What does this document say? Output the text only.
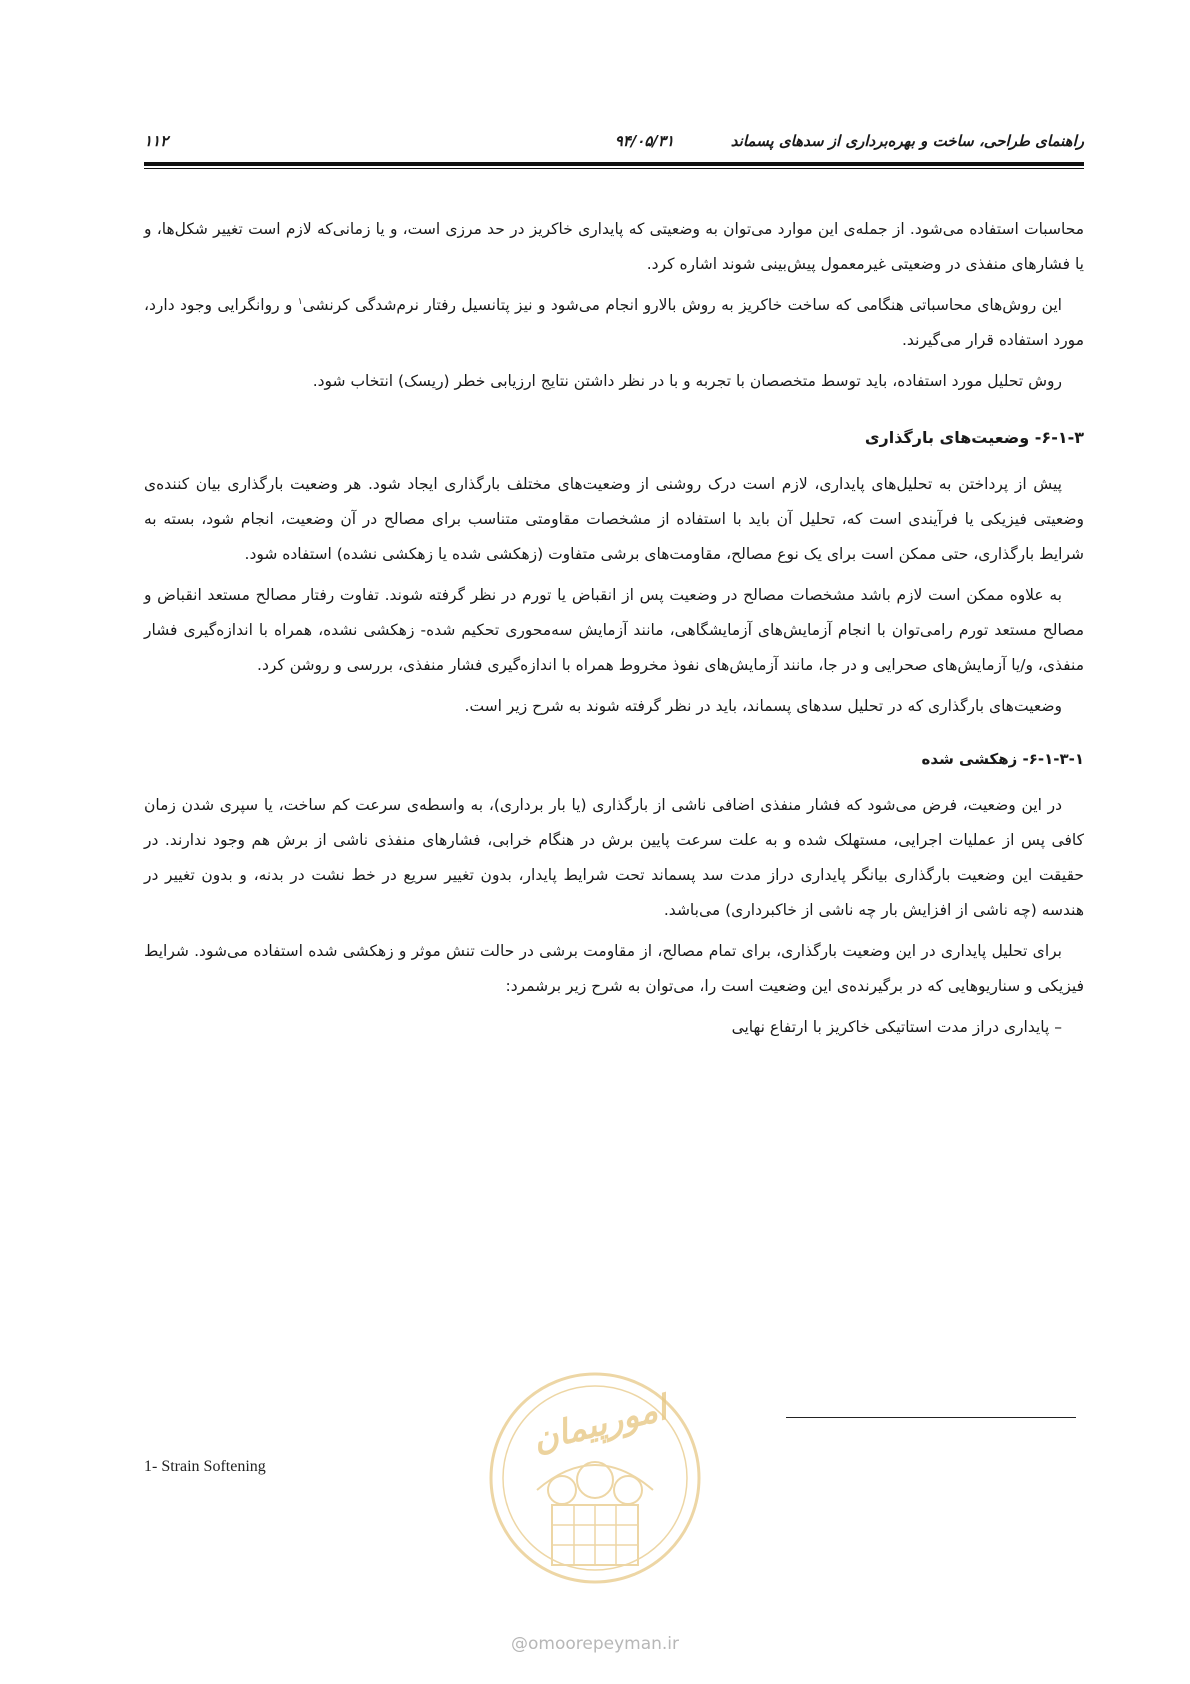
راهنمای طراحی، ساخت و بهره‌برداری از سدهای پسماند
۹۴/۰۵/۳۱
۱۱۲

محاسبات استفاده می‌شود. از جمله‌ی این موارد می‌توان به وضعیتی که پایداری خاکریز در حد مرزی است، و یا زمانی‌که لازم است تغییر شکل‌ها، و یا فشارهای منفذی در وضعیتی غیرمعمول پیش‌بینی شوند اشاره کرد.

این روش‌های محاسباتی هنگامی که ساخت خاکریز به روش بالارو انجام می‌شود و نیز پتانسیل رفتار نرم‌شدگی کرنشی$^۱$ و روانگرایی وجود دارد، مورد استفاده قرار می‌گیرند.

روش تحلیل مورد استفاده، باید توسط متخصصان با تجربه و با در نظر داشتن نتایج ارزیابی خطر (ریسک) انتخاب شود.

۶-۱-۳- وضعیت‌های بارگذاری

پیش از پرداختن به تحلیل‌های پایداری، لازم است درک روشنی از وضعیت‌های مختلف بارگذاری ایجاد شود. هر وضعیت بارگذاری بیان کننده‌ی وضعیتی فیزیکی یا فرآیندی است که، تحلیل آن باید با استفاده از مشخصات مقاومتی متناسب برای مصالح در آن وضعیت، انجام شود، بسته به شرایط بارگذاری، حتی ممکن است برای یک نوع مصالح، مقاومت‌های برشی متفاوت (زهکشی شده یا زهکشی نشده) استفاده شود.

به علاوه ممکن است لازم باشد مشخصات مصالح در وضعیت پس از انقباض یا تورم در نظر گرفته شوند. تفاوت رفتار مصالح مستعد انقباض و مصالح مستعد تورم رامی‌توان با انجام آزمایش‌های آزمایشگاهی، مانند آزمایش سه‌محوری تحکیم شده- زهکشی نشده، همراه با اندازه‌گیری فشار منفذی، و/یا آزمایش‌های صحرایی و در جا، مانند آزمایش‌های نفوذ مخروط همراه با اندازه‌گیری فشار منفذی، بررسی و روشن کرد.

وضعیت‌های بارگذاری که در تحلیل سدهای پسماند، باید در نظر گرفته شوند به شرح زیر است.

۶-۱-۳-۱- زهکشی شده

در این وضعیت، فرض می‌شود که فشار منفذی اضافی ناشی از بارگذاری (یا بار برداری)، به واسطه‌ی سرعت کم ساخت، یا سپری شدن زمان کافی پس از عملیات اجرایی، مستهلک شده و به علت سرعت پایین برش در هنگام خرابی، فشارهای منفذی ناشی از برش هم وجود ندارند. در حقیقت این وضعیت بارگذاری بیانگر پایداری دراز مدت سد پسماند تحت شرایط پایدار، بدون تغییر سریع در خط نشت در بدنه، و بدون تغییر در هندسه (چه ناشی از افزایش بار چه ناشی از خاکبرداری) می‌باشد.

برای تحلیل پایداری در این وضعیت بارگذاری، برای تمام مصالح، از مقاومت برشی در حالت تنش موثر و زهکشی شده استفاده می‌شود. شرایط فیزیکی و سناریوهایی که در برگیرنده‌ی این وضعیت است را، می‌توان به شرح زیر برشمرد:

– پایداری دراز مدت استاتیکی خاکریز با ارتفاع نهایی

1- Strain Softening
امورپیمان
@omoorepeyman.ir
